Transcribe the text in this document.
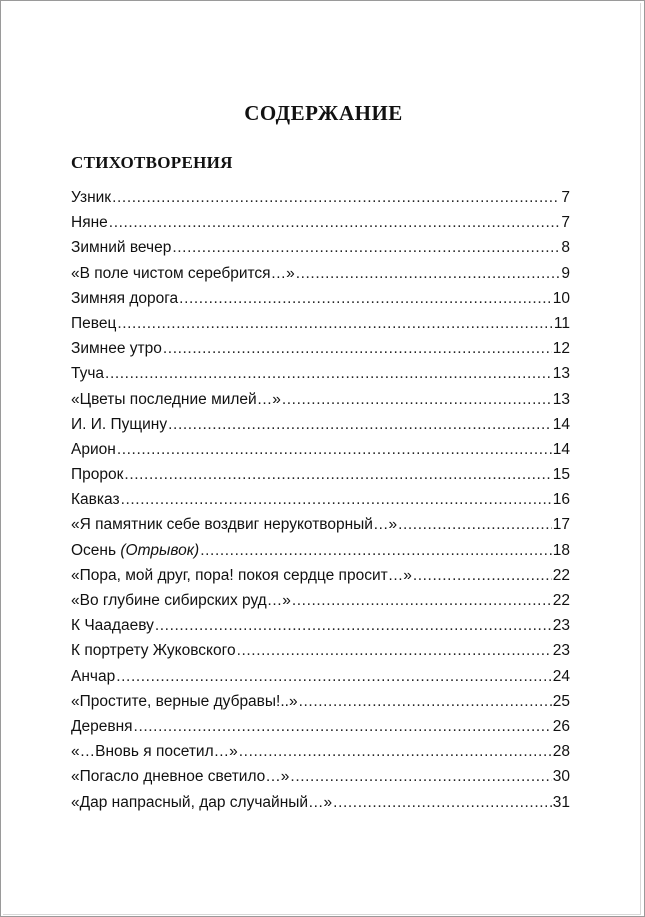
СОДЕРЖАНИЕ
СТИХОТВОРЕНИЯ
Узник .....	7
Няне .....	7
Зимний вечер .....	8
«В поле чистом серебрится…» .....	9
Зимняя дорога .....	10
Певец .....	11
Зимнее утро .....	12
Туча .....	13
«Цветы последние милей…» .....	13
И. И. Пущину .....	14
Арион .....	14
Пророк .....	15
Кавказ .....	16
«Я памятник себе воздвиг нерукотворный…» .....	17
Осень (Отрывок) .....	18
«Пора, мой друг, пора! покоя сердце просит…» .....	22
«Во глубине сибирских руд…» .....	22
К Чаадаеву .....	23
К портрету Жуковского .....	23
Анчар .....	24
«Простите, верные дубравы!..» .....	25
Деревня .....	26
«…Вновь я посетил…» .....	28
«Погасло дневное светило…» .....	30
«Дар напрасный, дар случайный…» .....	31
